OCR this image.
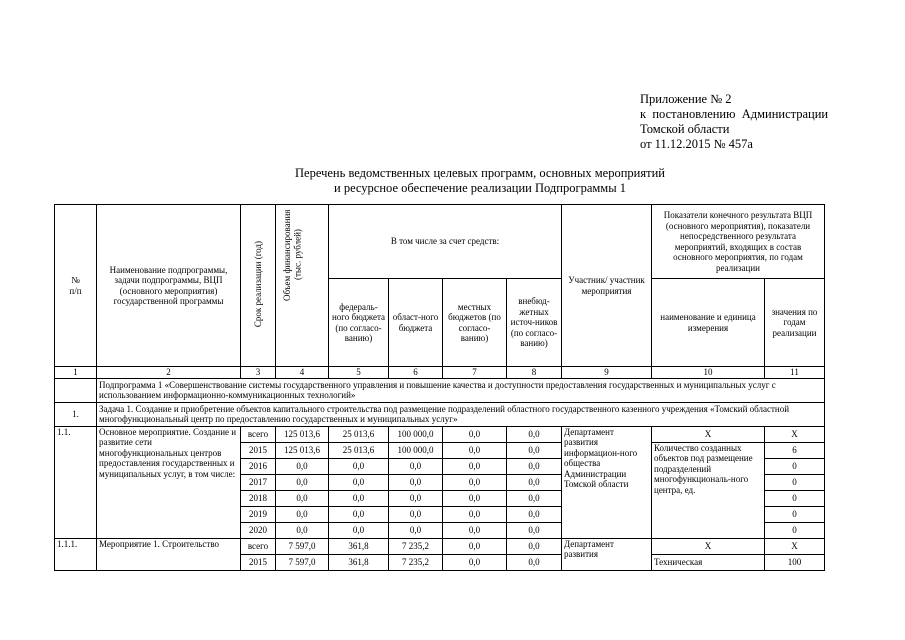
Приложение № 2
к  постановлению  Администрации
Томской области
от 11.12.2015 № 457а
Перечень ведомственных целевых программ, основных мероприятий
и ресурсное обеспечение реализации Подпрограммы 1
№
п/п	Наименование подпрограммы, задачи подпрограммы, ВЦП (основного мероприятия) государственной программы	Срок реализации (год)	Объем финансирования (тыс. рублей)	В том числе за счет средств:				Участник/ участник мероприятия	Показатели конечного результата ВЦП (основного мероприятия), показатели непосредственного результата мероприятий, входящих в состав основного мероприятия, по годам реализации	
				федераль-ного бюджета (по согласо-ванию)	област-ного бюджета	местных бюджетов (по согласо-ванию)	внебюд-жетных источ-ников (по согласо-ванию)		наименование и единица измерения	значения по годам реализации
1	2	3	4	5	6	7	8	9	10	11
	Подпрограмма 1 «Совершенствование системы государственного управления и повышение качества и доступности предоставления государственных и муниципальных услуг с использованием информационно-коммуникационных технологий»									
1.	Задача 1. Создание и приобретение объектов капитального строительства под размещение подразделений областного государственного казенного учреждения «Томский областной многофункциональный центр по предоставлению государственных и муниципальных услуг»									
1.1.	Основное мероприятие. Создание и развитие сети многофункциональных центров предоставления государственных и муниципальных услуг, в том числе:	всего	125 013,6	25 013,6	100 000,0	0,0	0,0	Департамент развития информацион-ного общества Администрации Томской области	Х	Х
		2015	125 013,6	25 013,6	100 000,0	0,0	0,0		Количество созданных объектов под размещение подразделений многофункциональ-ного центра, ед.	6
		2016	0,0	0,0	0,0	0,0	0,0			0
		2017	0,0	0,0	0,0	0,0	0,0			0
		2018	0,0	0,0	0,0	0,0	0,0			0
		2019	0,0	0,0	0,0	0,0	0,0			0
		2020	0,0	0,0	0,0	0,0	0,0			0
1.1.1.	Мероприятие 1. Строительство	всего	7 597,0	361,8	7 235,2	0,0	0,0	Департамент развития	Х	Х
		2015	7 597,0	361,8	7 235,2	0,0	0,0		Техническая	100
